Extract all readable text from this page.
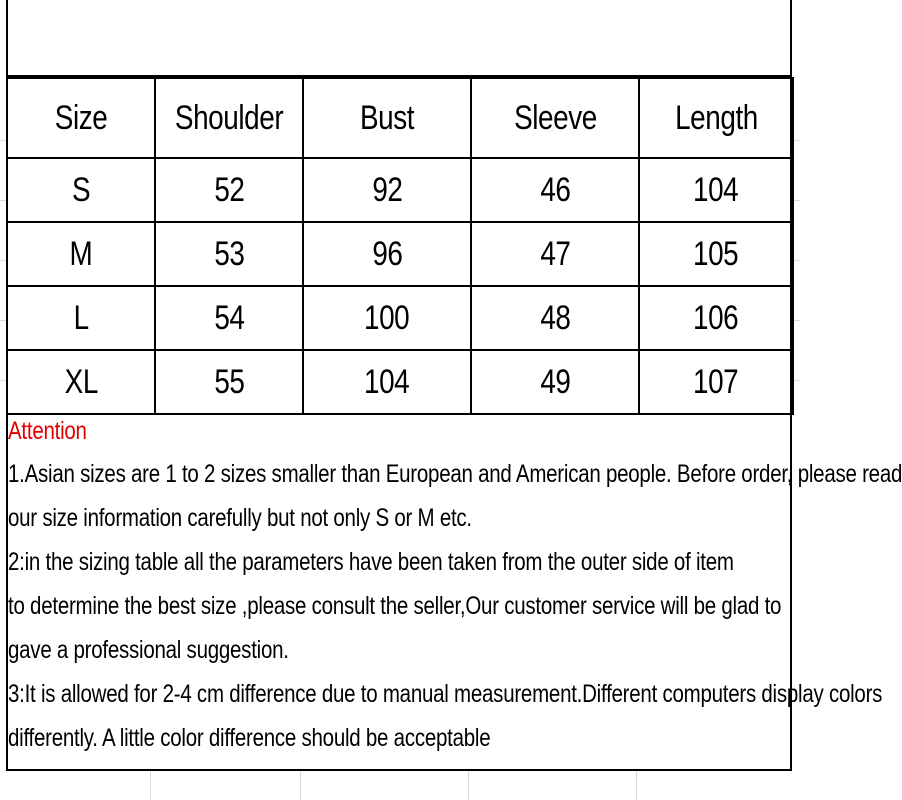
Size	Shoulder	Bust	Sleeve	Length
S	52	92	46	104
M	53	96	47	105
L	54	100	48	106
XL	55	104	49	107
Attention
1.Asian sizes are 1 to 2 sizes smaller than European and American people. Before order, please read
our size information carefully but not only S or M etc.
2:in the sizing table all the parameters have been taken from the outer side of item
to determine the best size ,please consult the seller,Our customer service will be glad to
gave a professional suggestion.
3:It is allowed for 2-4 cm difference due to manual measurement.Different computers display colors
differently. A little color difference should be acceptable
